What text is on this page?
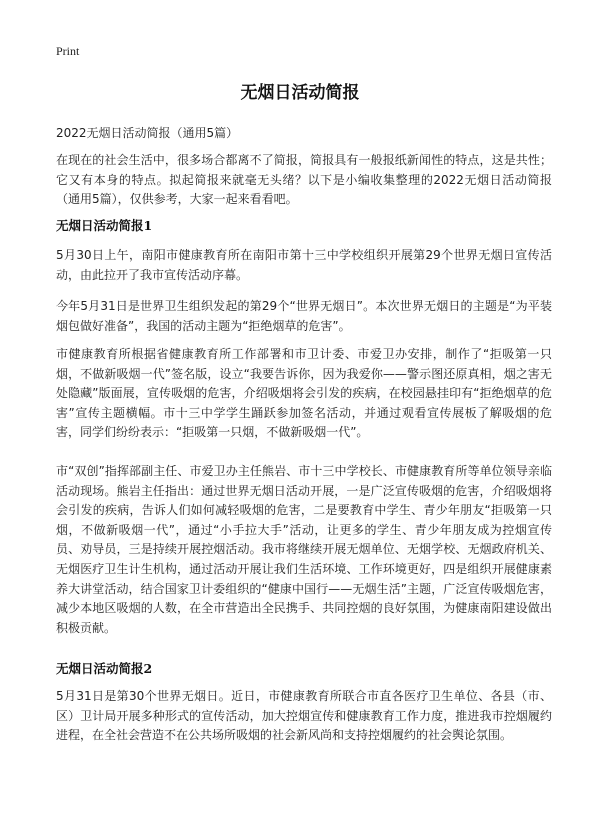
Print
无烟日活动简报
2022无烟日活动简报（通用5篇）

在现在的社会生活中，很多场合都离不了简报，简报具有一般报纸新闻性的特点，这是共性；它又有本身的特点。拟起简报来就毫无头绪？以下是小编收集整理的2022无烟日活动简报（通用5篇），仅供参考，大家一起来看看吧。

无烟日活动简报1

5月30日上午，南阳市健康教育所在南阳市第十三中学校组织开展第29个世界无烟日宣传活动，由此拉开了我市宣传活动序幕。

今年5月31日是世界卫生组织发起的第29个“世界无烟日”。本次世界无烟日的主题是“为平装烟包做好准备”，我国的活动主题为“拒绝烟草的危害”。

市健康教育所根据省健康教育所工作部署和市卫计委、市爱卫办安排，制作了“拒吸第一只烟，不做新吸烟一代”签名版，设立“我要告诉你，因为我爱你——警示图还原真相，烟之害无处隐藏”版面展，宣传吸烟的危害，介绍吸烟将会引发的疾病，在校园悬挂印有“拒绝烟草的危害”宣传主题横幅。市十三中学学生踊跃参加签名活动，并通过观看宣传展板了解吸烟的危害，同学们纷纷表示：“拒吸第一只烟，不做新吸烟一代”。

市“双创”指挥部副主任、市爱卫办主任熊岩、市十三中学校长、市健康教育所等单位领导亲临活动现场。熊岩主任指出：通过世界无烟日活动开展，一是广泛宣传吸烟的危害，介绍吸烟将会引发的疾病，告诉人们如何减轻吸烟的危害，二是要教育中学生、青少年朋友“拒吸第一只烟，不做新吸烟一代”，通过“小手拉大手”活动，让更多的学生、青少年朋友成为控烟宣传员、劝导员，三是持续开展控烟活动。我市将继续开展无烟单位、无烟学校、无烟政府机关、无烟医疗卫生计生机构，通过活动开展让我们生活环境、工作环境更好，四是组织开展健康素养大讲堂活动，结合国家卫计委组织的“健康中国行——无烟生活”主题，广泛宣传吸烟危害，减少本地区吸烟的人数，在全市营造出全民携手、共同控烟的良好氛围，为健康南阳建设做出积极贡献。

无烟日活动简报2

5月31日是第30个世界无烟日。近日，市健康教育所联合市直各医疗卫生单位、各县（市、区）卫计局开展多种形式的宣传活动，加大控烟宣传和健康教育工作力度，推进我市控烟履约进程，在全社会营造不在公共场所吸烟的社会新风尚和支持控烟履约的社会舆论氛围。
